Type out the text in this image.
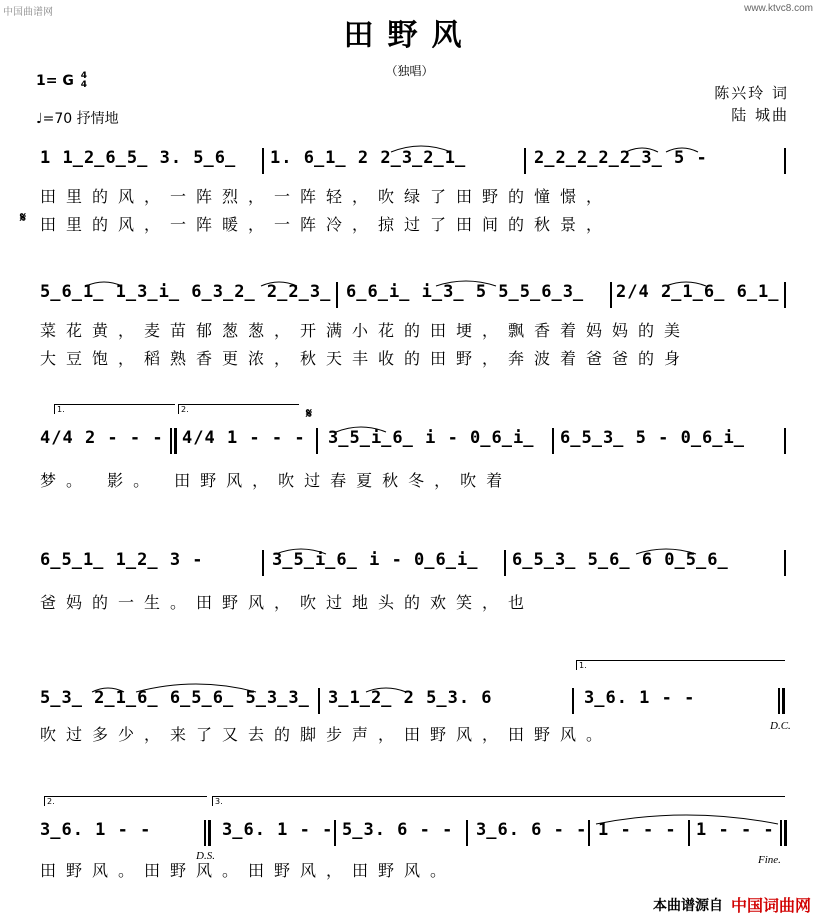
中国曲谱网	www.ktvc8.com
田野风
（独唱）
1= G 4
4
♩=70 抒情地
陈兴玲 词
陆 城曲
1 1̲2̲6̲5̲ 3. 5̲6̲ 1. 6̲1̲ 2 2̲3̲2̲1̲	2̲2̲2̲2̲2̲3̲ 5 -
田里的风，一阵烈，一阵轻，吹绿了田野的憧憬，
𝄋 田里的风，一阵暖，一阵冷，掠过了田间的秋景，
5̲6̲1̲ 1̲3̲i̲ 6̲3̲2̲ 2̲2̲3̲ 6̲6̲i̲ i̲3̲ 5 5̲5̲6̲3̲ 2/4 2̲1̲6̲ 6̲1̲
菜花黄，麦苗郁葱葱，开满小花的田埂，飘香着妈妈的美
大豆饱，稻熟香更浓，秋天丰收的田野，奔波着爸爸的身
1.	2.	𝄋
4/4 2 - - - 4/4 1 - - - 3̲5̲i̲6̲ i - 0̲6̲i̲ 6̲5̲3̲ 5 - 0̲6̲i̲
梦。 影。 田野风，吹过春夏秋冬，吹着
6̲5̲1̲ 1̲2̲ 3 -	3̲5̲i̲6̲ i - 0̲6̲i̲ 6̲5̲3̲ 5̲6̲ 6 0̲5̲6̲
爸妈的一生。田野风，吹过地头的欢笑，也
1.
5̲3̲ 2̲1̲6̲ 6̲5̲6̲ 5̲3̲3̲ 3̲1̲2̲ 2 5̲3. 6	3̲6. 1 - -
D.C.
吹过多少，来了又去的脚步声，田野风，田野风。
2.	3.
3̲6. 1 - -	3̲6. 1 - - 5̲3. 6 - - 3̲6. 6 - - 1 - - - 1 - - -
D.S.	Fine.
田野风。田野风。田野风，田野风。
本曲谱源自 中国词曲网
